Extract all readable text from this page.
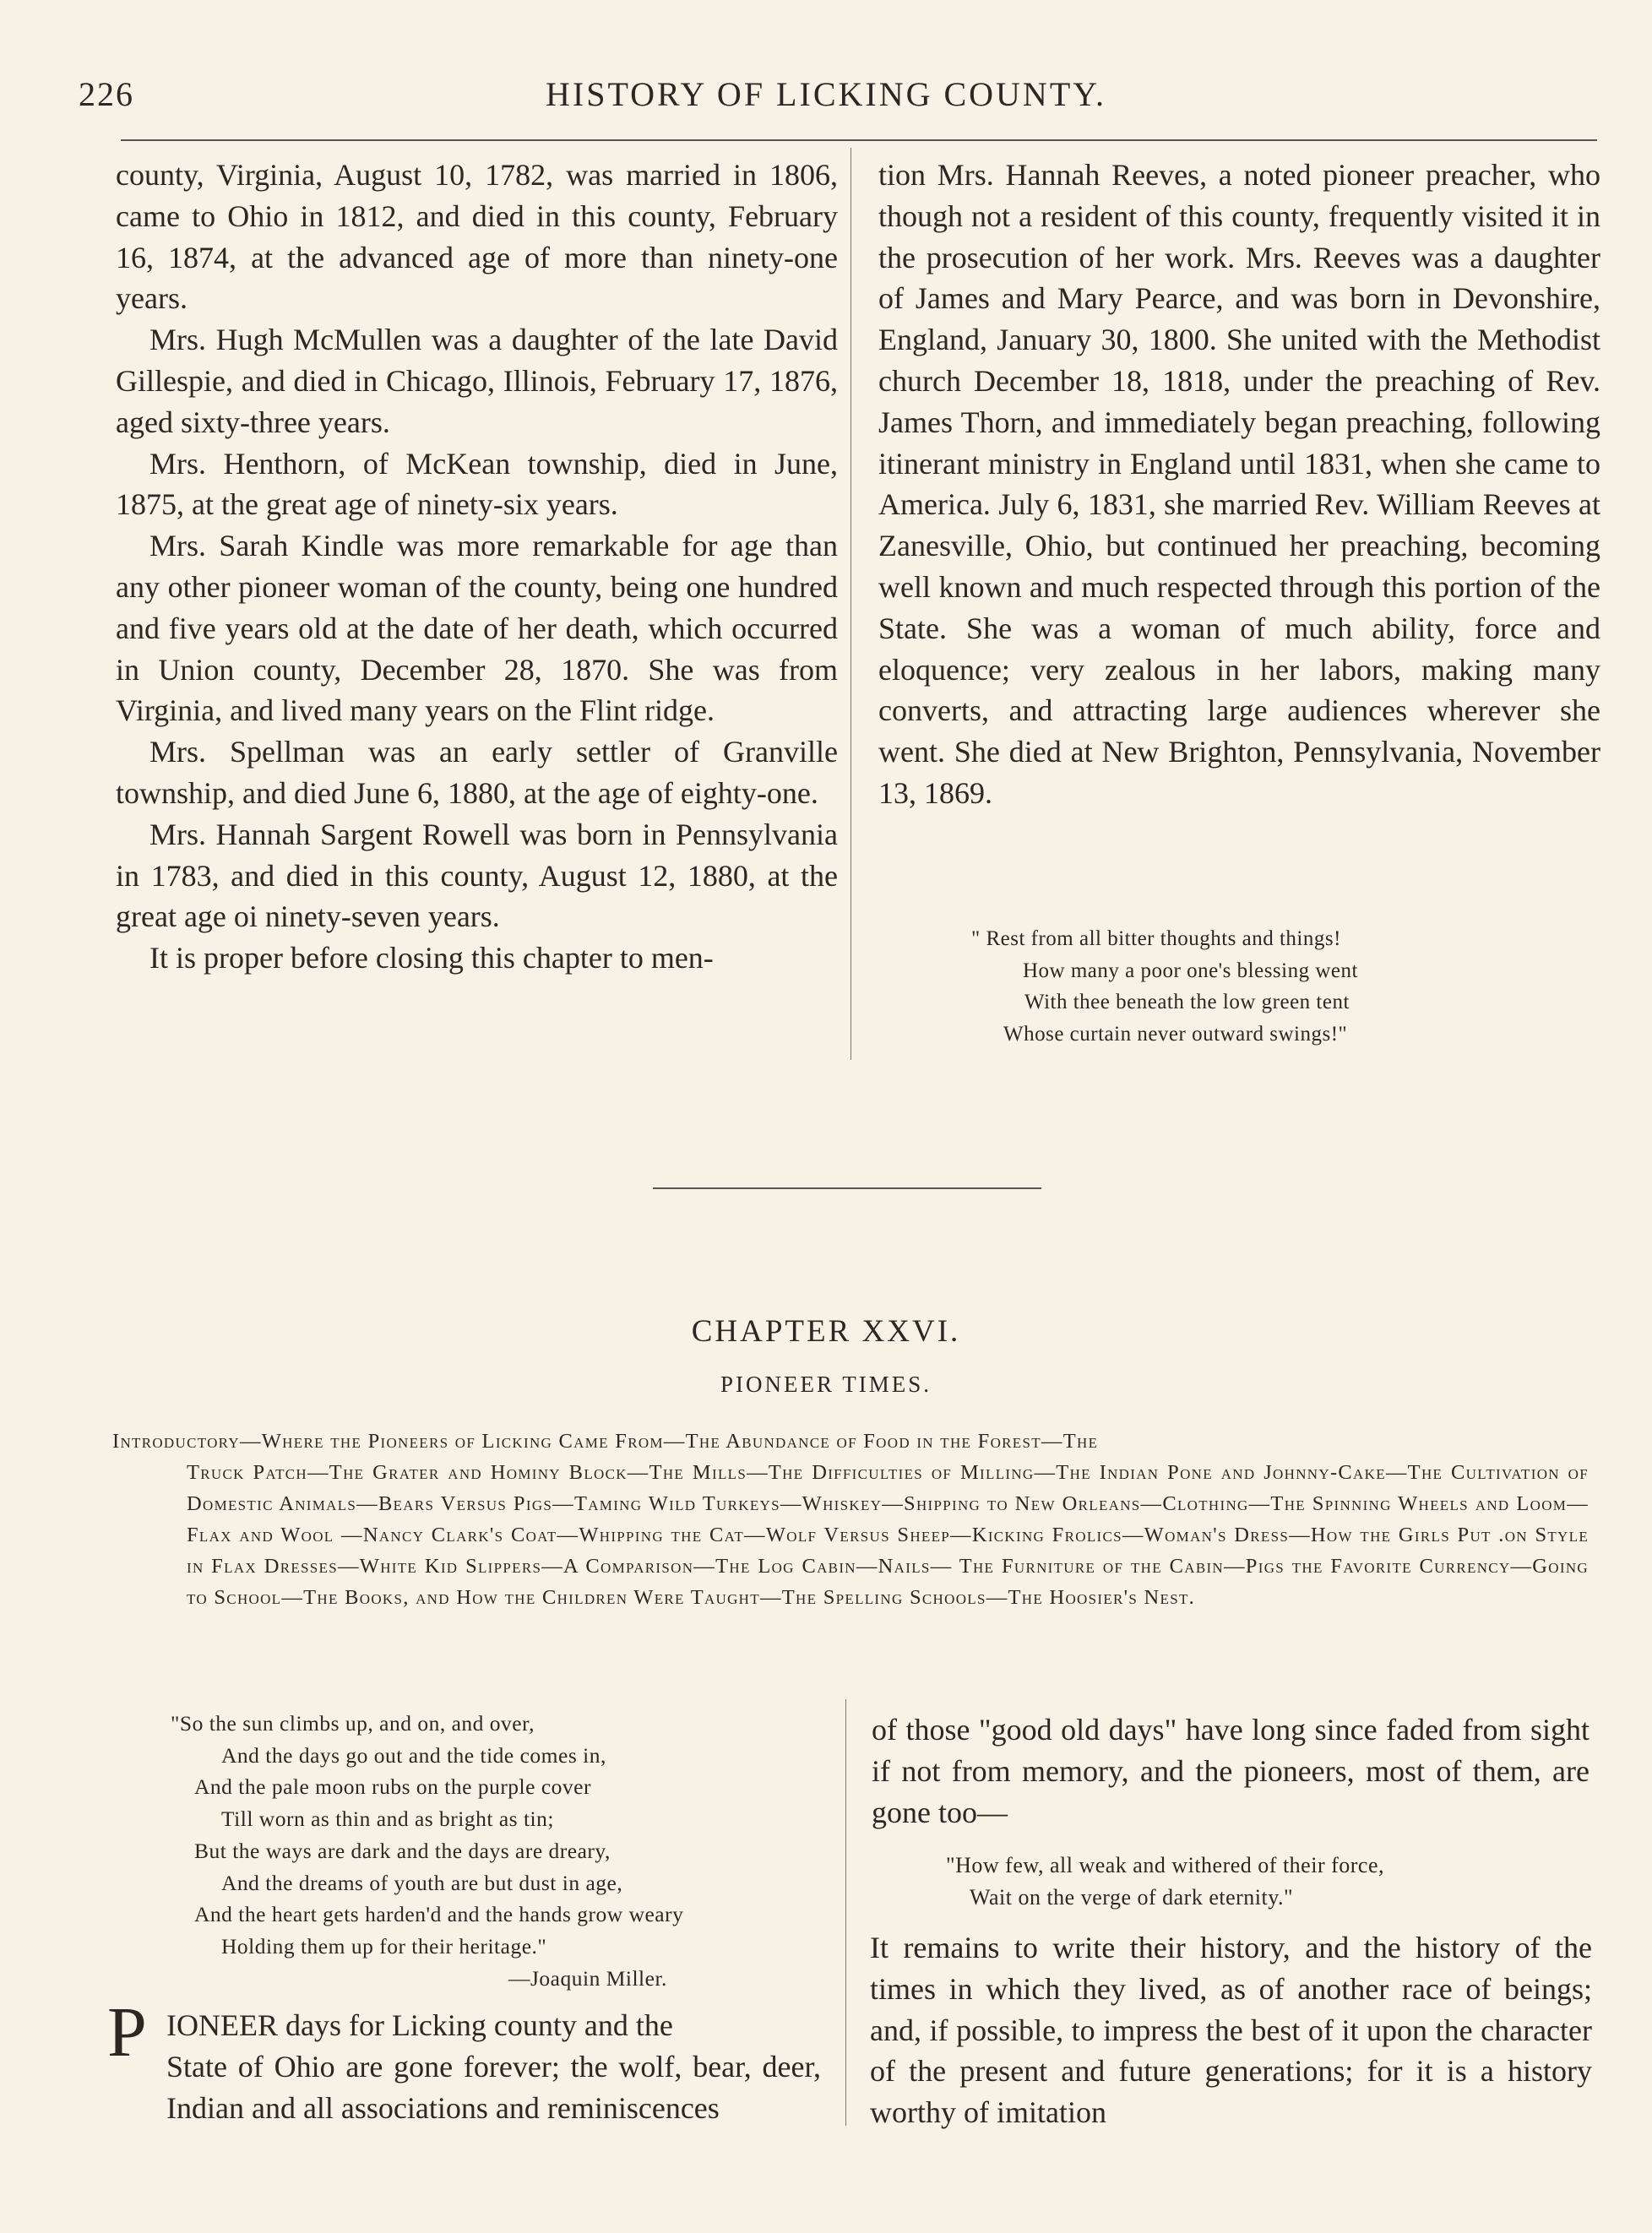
226	HISTORY OF LICKING COUNTY.

county, Virginia, August 10, 1782, was married in 1806, came to Ohio in 1812, and died in this county, February 16, 1874, at the advanced age of more than ninety-one years.

Mrs. Hugh McMullen was a daughter of the late David Gillespie, and died in Chicago, Illinois, February 17, 1876, aged sixty-three years.

Mrs. Henthorn, of McKean township, died in June, 1875, at the great age of ninety-six years.

Mrs. Sarah Kindle was more remarkable for age than any other pioneer woman of the county, being one hundred and five years old at the date of her death, which occurred in Union county, December 28, 1870. She was from Virginia, and lived many years on the Flint ridge.

Mrs. Spellman was an early settler of Granville township, and died June 6, 1880, at the age of eighty-one.

Mrs. Hannah Sargent Rowell was born in Pennsylvania in 1783, and died in this county, August 12, 1880, at the great age oi ninety-seven years.

It is proper before closing this chapter to men-

tion Mrs. Hannah Reeves, a noted pioneer preacher, who though not a resident of this county, frequently visited it in the prosecution of her work. Mrs. Reeves was a daughter of James and Mary Pearce, and was born in Devonshire, England, January 30, 1800. She united with the Methodist church December 18, 1818, under the preaching of Rev. James Thorn, and immediately began preaching, following itinerant ministry in England until 1831, when she came to America. July 6, 1831, she married Rev. William Reeves at Zanesville, Ohio, but continued her preaching, becoming well known and much respected through this portion of the State. She was a woman of much ability, force and eloquence; very zealous in her labors, making many converts, and attracting large audiences wherever she went. She died at New Brighton, Pennsylvania, November 13, 1869.

" Rest from all bitter thoughts and things!
How many a poor one's blessing went
With thee beneath the low green tent
Whose curtain never outward swings!"
CHAPTER XXVI.
PIONEER TIMES.
Introductory—Where the Pioneers of Licking Came From—The Abundance of Food in the Forest—The
Truck Patch—The Grater and Hominy Block—The Mills—The Difficulties of Milling—The Indian Pone and Johnny-Cake—The Cultivation of Domestic Animals—Bears Versus Pigs—Taming Wild Turkeys—Whiskey—Shipping to New Orleans—Clothing—The Spinning Wheels and Loom—Flax and Wool —Nancy Clark's Coat—Whipping the Cat—Wolf Versus Sheep—Kicking Frolics—Woman's Dress—How the Girls Put .on Style in Flax Dresses—White Kid Slippers—A Comparison—The Log Cabin—Nails— The Furniture of the Cabin—Pigs the Favorite Currency—Going to School—The Books, and How the Children Were Taught—The Spelling Schools—The Hoosier's Nest.
"So the sun climbs up, and on, and over,
And the days go out and the tide comes in,
And the pale moon rubs on the purple cover
Till worn as thin and as bright as tin;
But the ways are dark and the days are dreary,
And the dreams of youth are but dust in age,
And the heart gets harden'd and the hands grow weary
Holding them up for their heritage."
—Joaquin Miller.
P IONEER days for Licking county and the
State of Ohio are gone forever; the wolf, bear, deer, Indian and all associations and reminiscences

of those "good old days" have long since faded from sight if not from memory, and the pioneers, most of them, are gone too—

"How few, all weak and withered of their force,
Wait on the verge of dark eternity."

It remains to write their history, and the history of the times in which they lived, as of another race of beings; and, if possible, to impress the best of it upon the character of the present and future generations; for it is a history worthy of imitation
